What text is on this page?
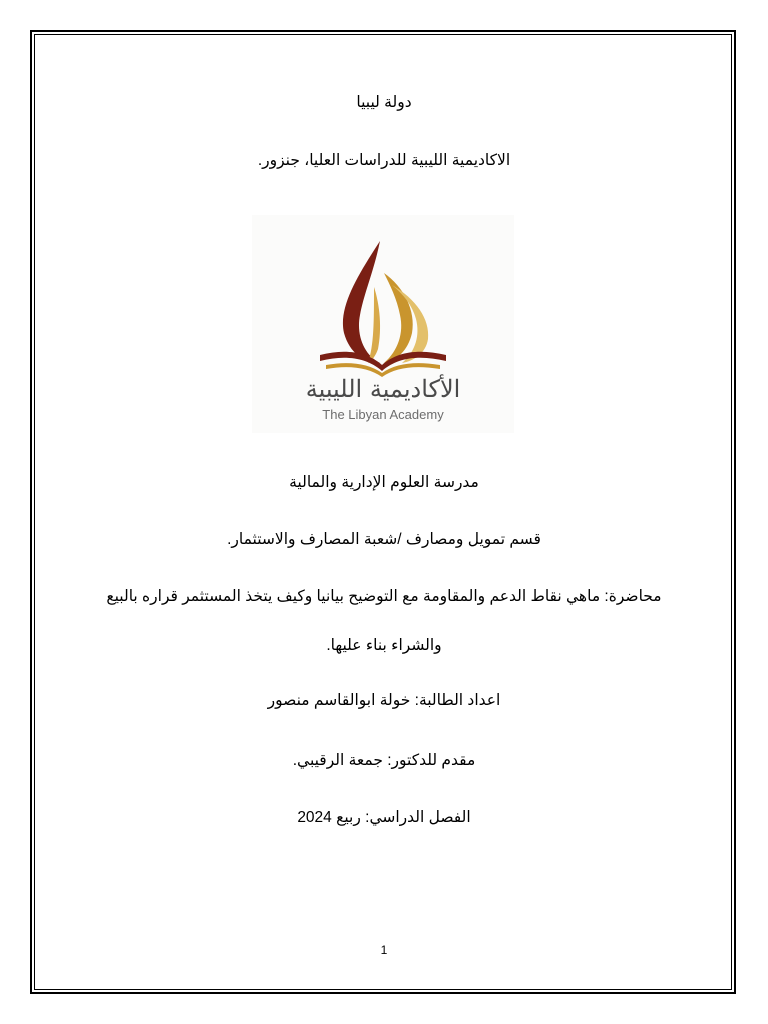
دولة ليبيا
الاكاديمية الليبية للدراسات العليا، جنزور.
الأكاديمية الليبية
The Libyan Academy
مدرسة العلوم الإدارية والمالية
قسم تمويل ومصارف /شعبة المصارف والاستثمار.
محاضرة: ماهي نقاط الدعم والمقاومة مع التوضيح بيانيا وكيف يتخذ المستثمر قراره بالبيع
والشراء بناء عليها.
اعداد الطالبة: خولة ابوالقاسم منصور
مقدم للدكتور: جمعة الرقيبي.
الفصل الدراسي: ربيع 2024
1
